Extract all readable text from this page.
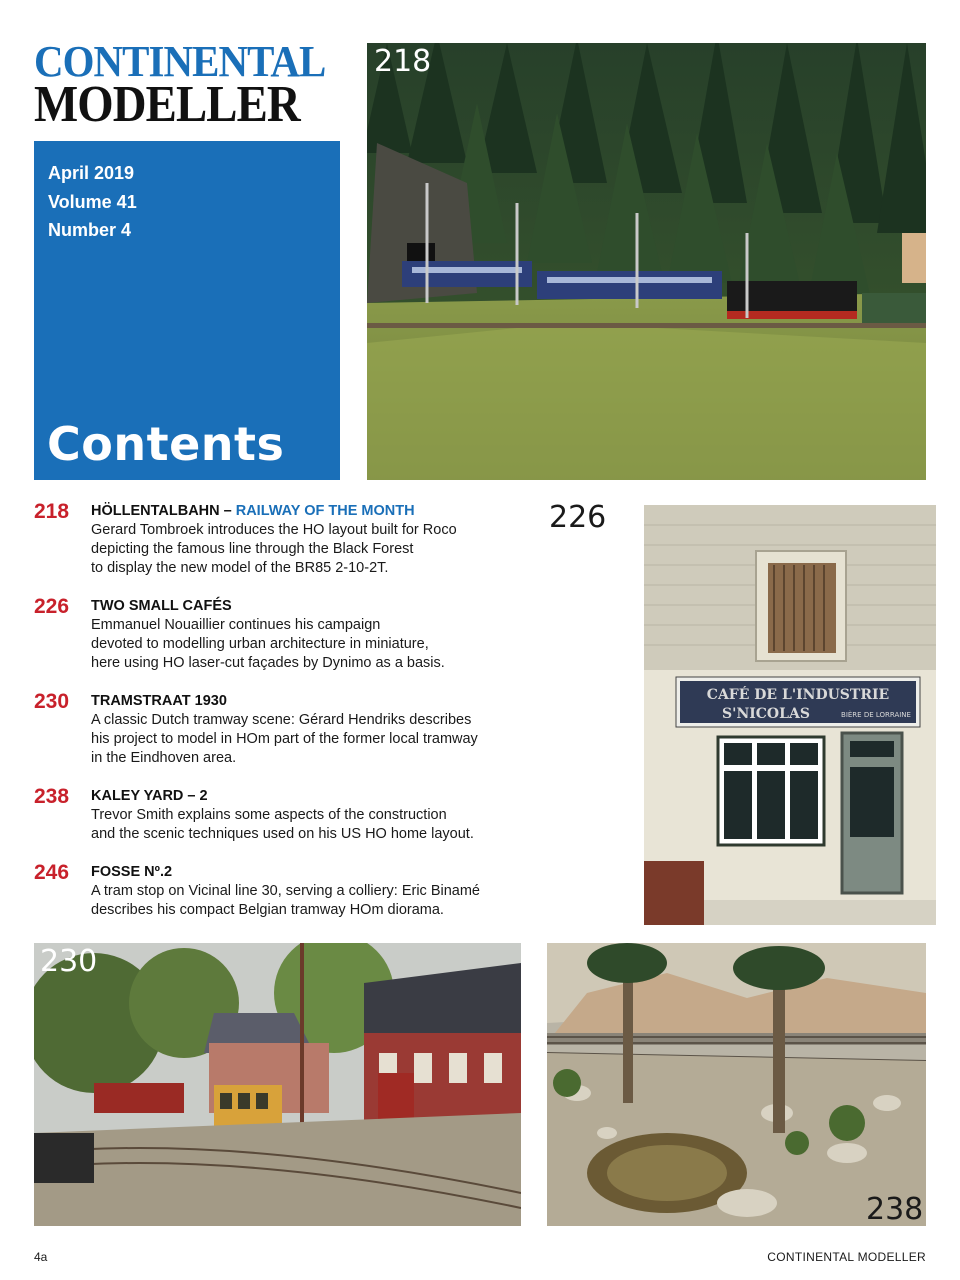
CONTINENTAL
MODELLER
April 2019
Volume 41
Number 4
Contents
218
CAFÉ DE L'INDUSTRIE
S'NICOLAS	BIÈRE DE LORRAINE
226
230
238
218 HÖLLENTALBAHN – RAILWAY OF THE MONTH
Gerard Tombroek introduces the HO layout built for Roco
depicting the famous line through the Black Forest
to display the new model of the BR85 2-10-2T.
226 TWO SMALL CAFÉS
Emmanuel Nouaillier continues his campaign
devoted to modelling urban architecture in miniature,
here using HO laser-cut façades by Dynimo as a basis.
230 TRAMSTRAAT 1930
A classic Dutch tramway scene: Gérard Hendriks describes
his project to model in HOm part of the former local tramway
in the Eindhoven area.
238 KALEY YARD – 2
Trevor Smith explains some aspects of the construction
and the scenic techniques used on his US HO home layout.
246 FOSSE Nº.2
A tram stop on Vicinal line 30, serving a colliery: Eric Binamé
describes his compact Belgian tramway HOm diorama.
4a	CONTINENTAL MODELLER
